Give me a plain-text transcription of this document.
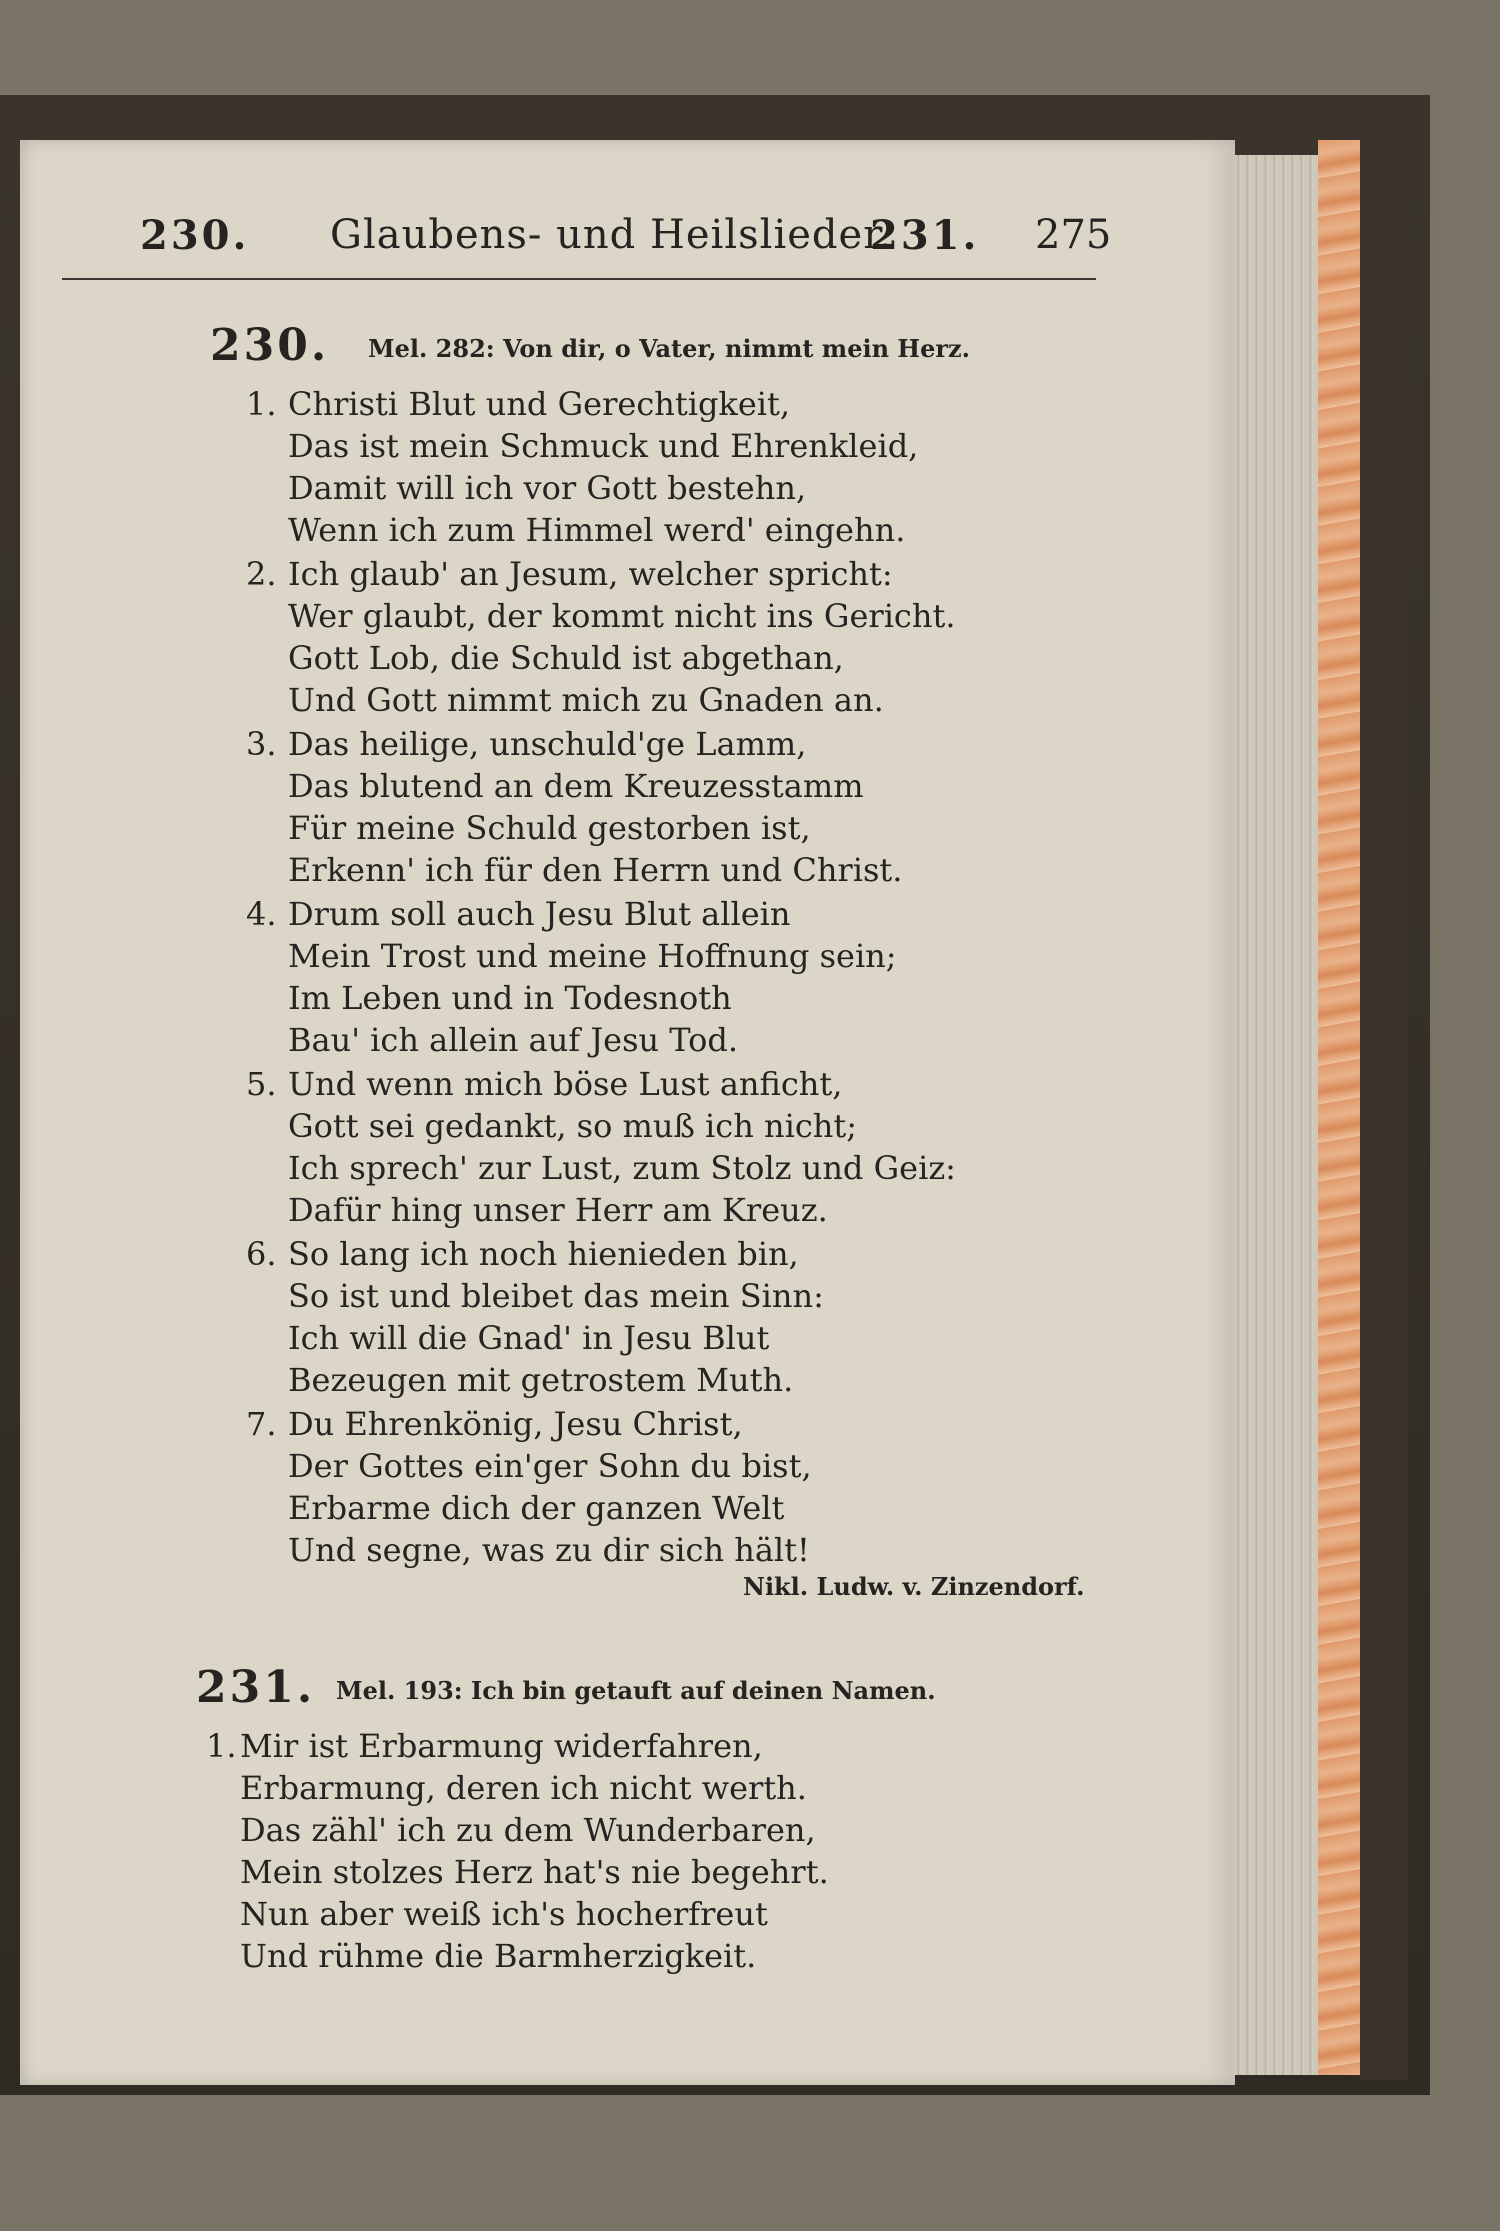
230. Glaubens- und Heilslieder.
231. 275
230. Mel. 282: Von dir, o Vater, nimmt mein Herz.
1. Christi Blut und Gerechtigkeit,
Das ist mein Schmuck und Ehrenkleid,
Damit will ich vor Gott bestehn,
Wenn ich zum Himmel werd' eingehn.
2. Ich glaub' an Jesum, welcher spricht:
Wer glaubt, der kommt nicht ins Gericht.
Gott Lob, die Schuld ist abgethan,
Und Gott nimmt mich zu Gnaden an.
3. Das heilige, unschuld'ge Lamm,
Das blutend an dem Kreuzesstamm
Für meine Schuld gestorben ist,
Erkenn' ich für den Herrn und Christ.
4. Drum soll auch Jesu Blut allein
Mein Trost und meine Hoffnung sein;
Im Leben und in Todesnoth
Bau' ich allein auf Jesu Tod.
5. Und wenn mich böse Lust anficht,
Gott sei gedankt, so muß ich nicht;
Ich sprech' zur Lust, zum Stolz und Geiz:
Dafür hing unser Herr am Kreuz.
6. So lang ich noch hienieden bin,
So ist und bleibet das mein Sinn:
Ich will die Gnad' in Jesu Blut
Bezeugen mit getrostem Muth.
7. Du Ehrenkönig, Jesu Christ,
Der Gottes ein'ger Sohn du bist,
Erbarme dich der ganzen Welt
Und segne, was zu dir sich hält!
Nikl. Ludw. v. Zinzendorf.
231. Mel. 193: Ich bin getauft auf deinen Namen.
1. Mir ist Erbarmung widerfahren,
Erbarmung, deren ich nicht werth.
Das zähl' ich zu dem Wunderbaren,
Mein stolzes Herz hat's nie begehrt.
Nun aber weiß ich's hocherfreut
Und rühme die Barmherzigkeit.
